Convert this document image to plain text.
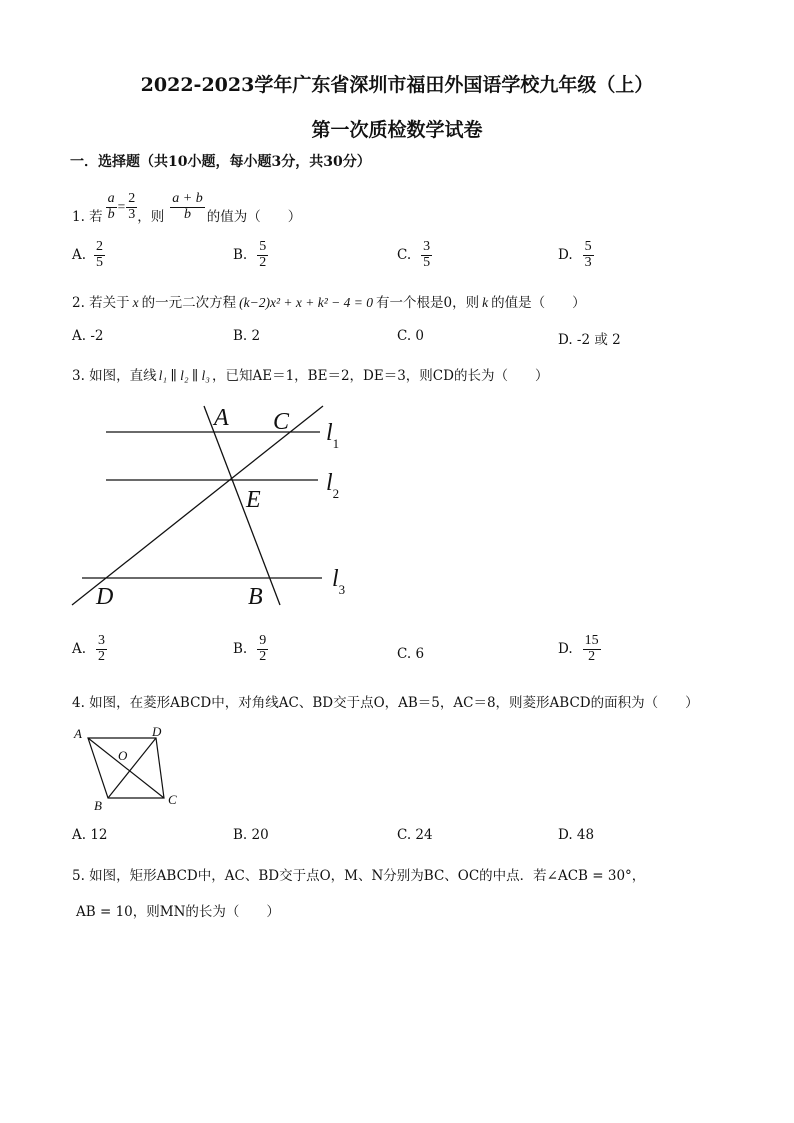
2022-2023学年广东省深圳市福田外国语学校九年级（上）
第一次质检数学试卷
一．选择题（共10小题，每小题3分，共30分）
1. 若 $\frac{a}{b} = \frac{2}{3}$ ，则 $\frac{a + b}{b}$ 的值为（　　）
A. $\frac{2}{5}$	B. $\frac{5}{2}$	C. $\frac{3}{5}$	D. $\frac{5}{3}$
2. 若关于 x 的一元二次方程 (k−2)x² + x + k² − 4 = 0 有一个根是0，则 k 的值是（　　）
A. -2	B. 2	C. 0	D. -2 或 2
3. 如图，直线 l₁ ∥ l₂ ∥ l₃ ，已知AE＝1，BE＝2，DE＝3，则CD的长为（　　）
A C
E
D	B
$l_1$
$l_2$
$l_3$
A. $\frac{3}{2}$	B. $\frac{9}{2}$	C. 6	D. $\frac{15}{2}$
4. 如图，在菱形ABCD中，对角线AC、BD交于点O，AB＝5，AC＝8，则菱形ABCD的面积为（　　）
A	D
O
B	C
A. 12	B. 20	C. 24	D. 48
5. 如图，矩形ABCD中，AC、BD交于点O，M、N分别为BC、OC的中点．若∠ACB = 30°，
AB = 10，则MN的长为（　　）
